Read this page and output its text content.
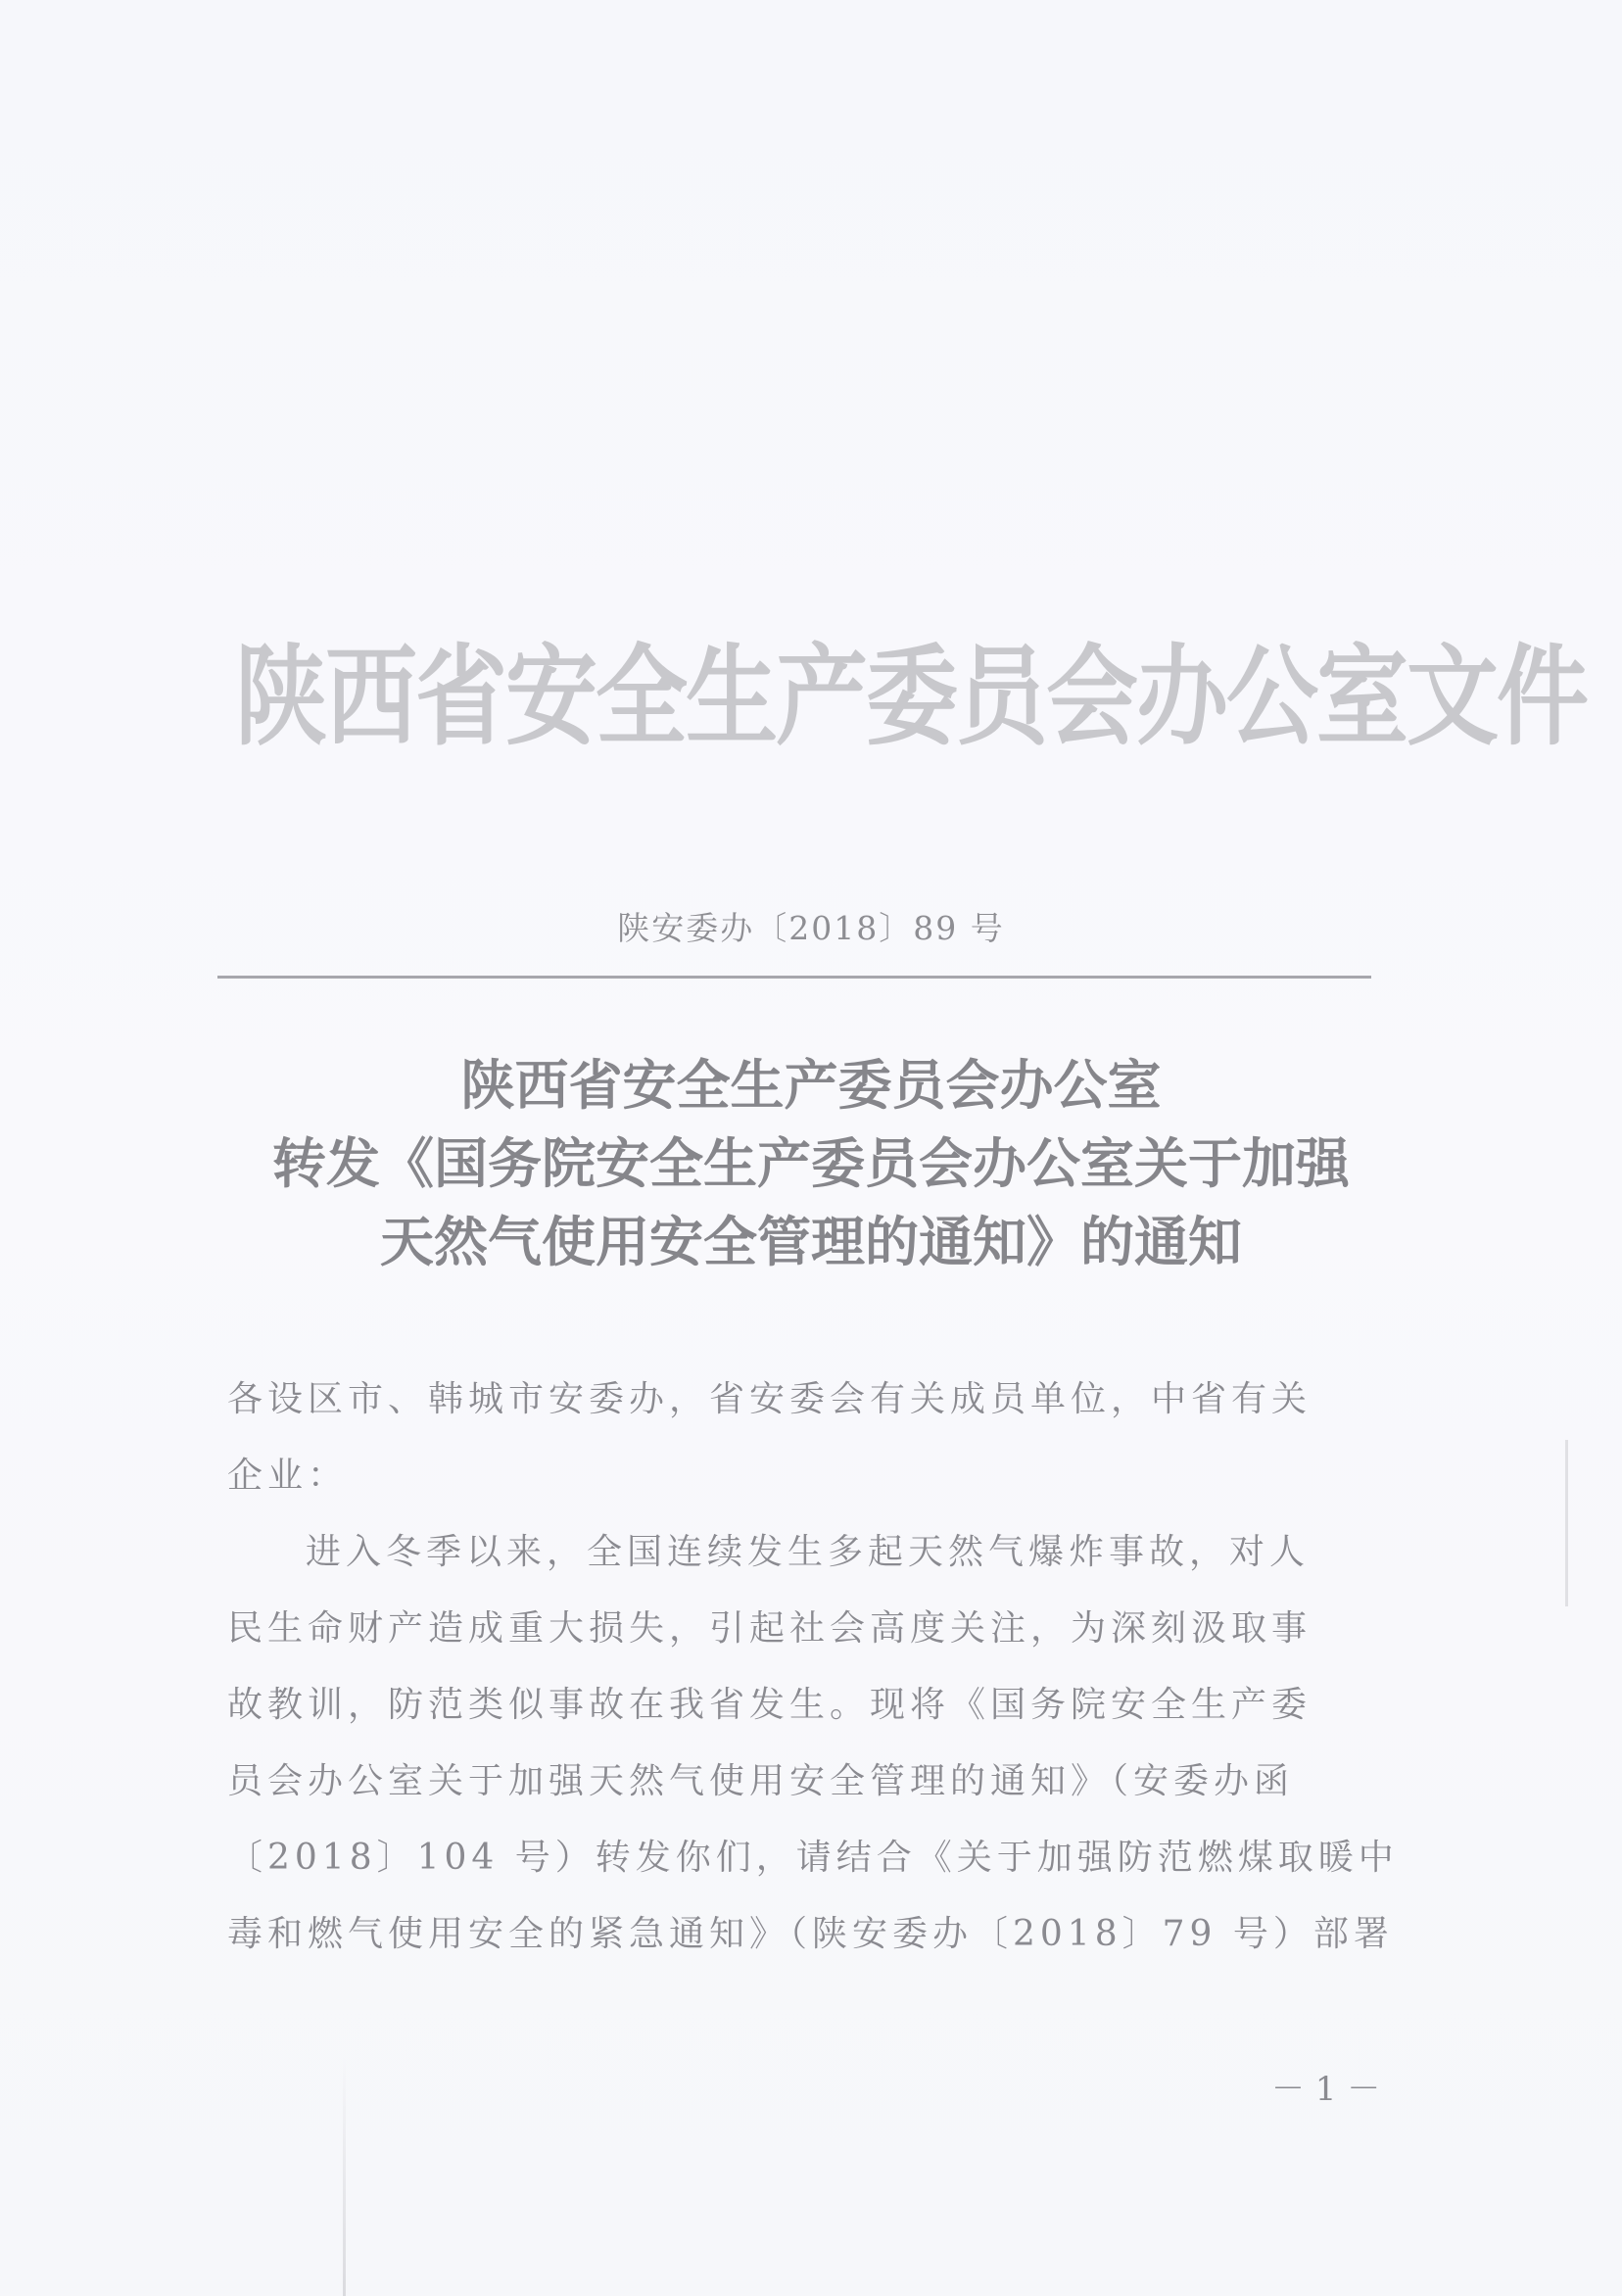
陕西省安全生产委员会办公室文件
陕安委办〔2018〕89 号
陕西省安全生产委员会办公室
转发《国务院安全生产委员会办公室关于加强
天然气使用安全管理的通知》的通知
各设区市、韩城市安委办，省安委会有关成员单位，中省有关
企业：
进入冬季以来，全国连续发生多起天然气爆炸事故，对人
民生命财产造成重大损失，引起社会高度关注，为深刻汲取事
故教训，防范类似事故在我省发生。现将《国务院安全生产委
员会办公室关于加强天然气使用安全管理的通知》（安委办函
〔2018〕104 号）转发你们，请结合《关于加强防范燃煤取暖中
毒和燃气使用安全的紧急通知》（陕安委办〔2018〕79 号）部署
－ 1 －
